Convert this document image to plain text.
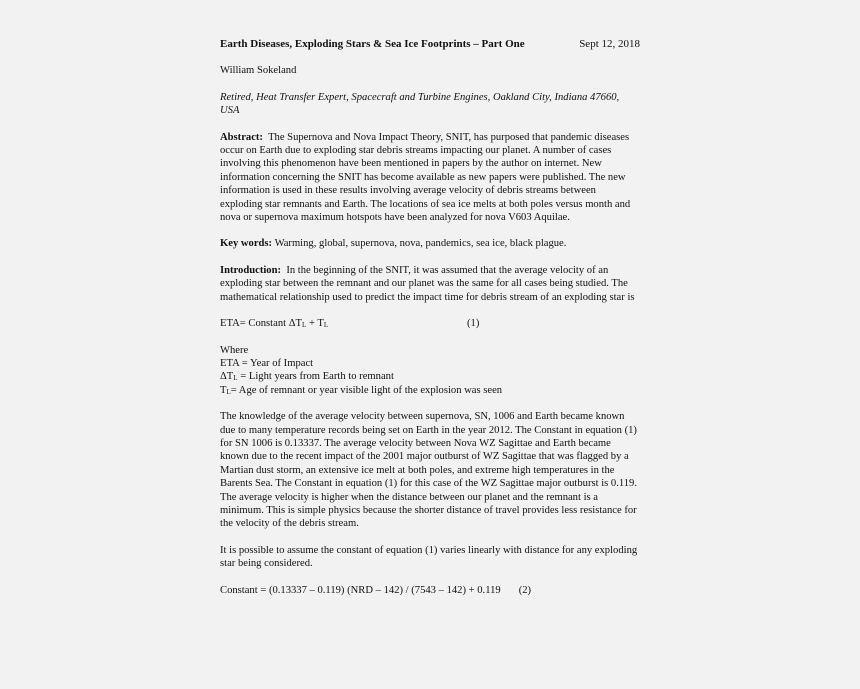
Earth Diseases, Exploding Stars & Sea Ice Footprints – Part One	Sept 12, 2018

William Sokeland

Retired, Heat Transfer Expert, Spacecraft and Turbine Engines, Oakland City, Indiana 47660, USA

Abstract: The Supernova and Nova Impact Theory, SNIT, has purposed that pandemic diseases occur on Earth due to exploding star debris streams impacting our planet. A number of cases involving this phenomenon have been mentioned in papers by the author on internet. New information concerning the SNIT has become available as new papers were published. The new information is used in these results involving average velocity of debris streams between exploding star remnants and Earth. The locations of sea ice melts at both poles versus month and nova or supernova maximum hotspots have been analyzed for nova V603 Aquilae.

Key words: Warming, global, supernova, nova, pandemics, sea ice, black plague.

Introduction: In the beginning of the SNIT, it was assumed that the average velocity of an exploding star between the remnant and our planet was the same for all cases being studied. The mathematical relationship used to predict the impact time for debris stream of an exploding star is

ETA= Constant $\Delta T_L + T_L$	(1)
Where
ETA = Year of Impact
$\Delta T_L$ = Light years from Earth to remnant
$T_L=$ Age of remnant or year visible light of the explosion was seen

The knowledge of the average velocity between supernova, SN, 1006 and Earth became known due to many temperature records being set on Earth in the year 2012. The Constant in equation (1) for SN 1006 is 0.13337. The average velocity between Nova WZ Sagittae and Earth became known due to the recent impact of the 2001 major outburst of WZ Sagittae that was flagged by a Martian dust storm, an extensive ice melt at both poles, and extreme high temperatures in the Barents Sea. The Constant in equation (1) for this case of the WZ Sagittae major outburst is 0.119. The average velocity is higher when the distance between our planet and the remnant is a minimum. This is simple physics because the shorter distance of travel provides less resistance for the velocity of the debris stream.

It is possible to assume the constant of equation (1) varies linearly with distance for any exploding star being considered.

Constant = (0.13337 – 0.119) (NRD – 142) / (7543 – 142) + 0.119 (2)
